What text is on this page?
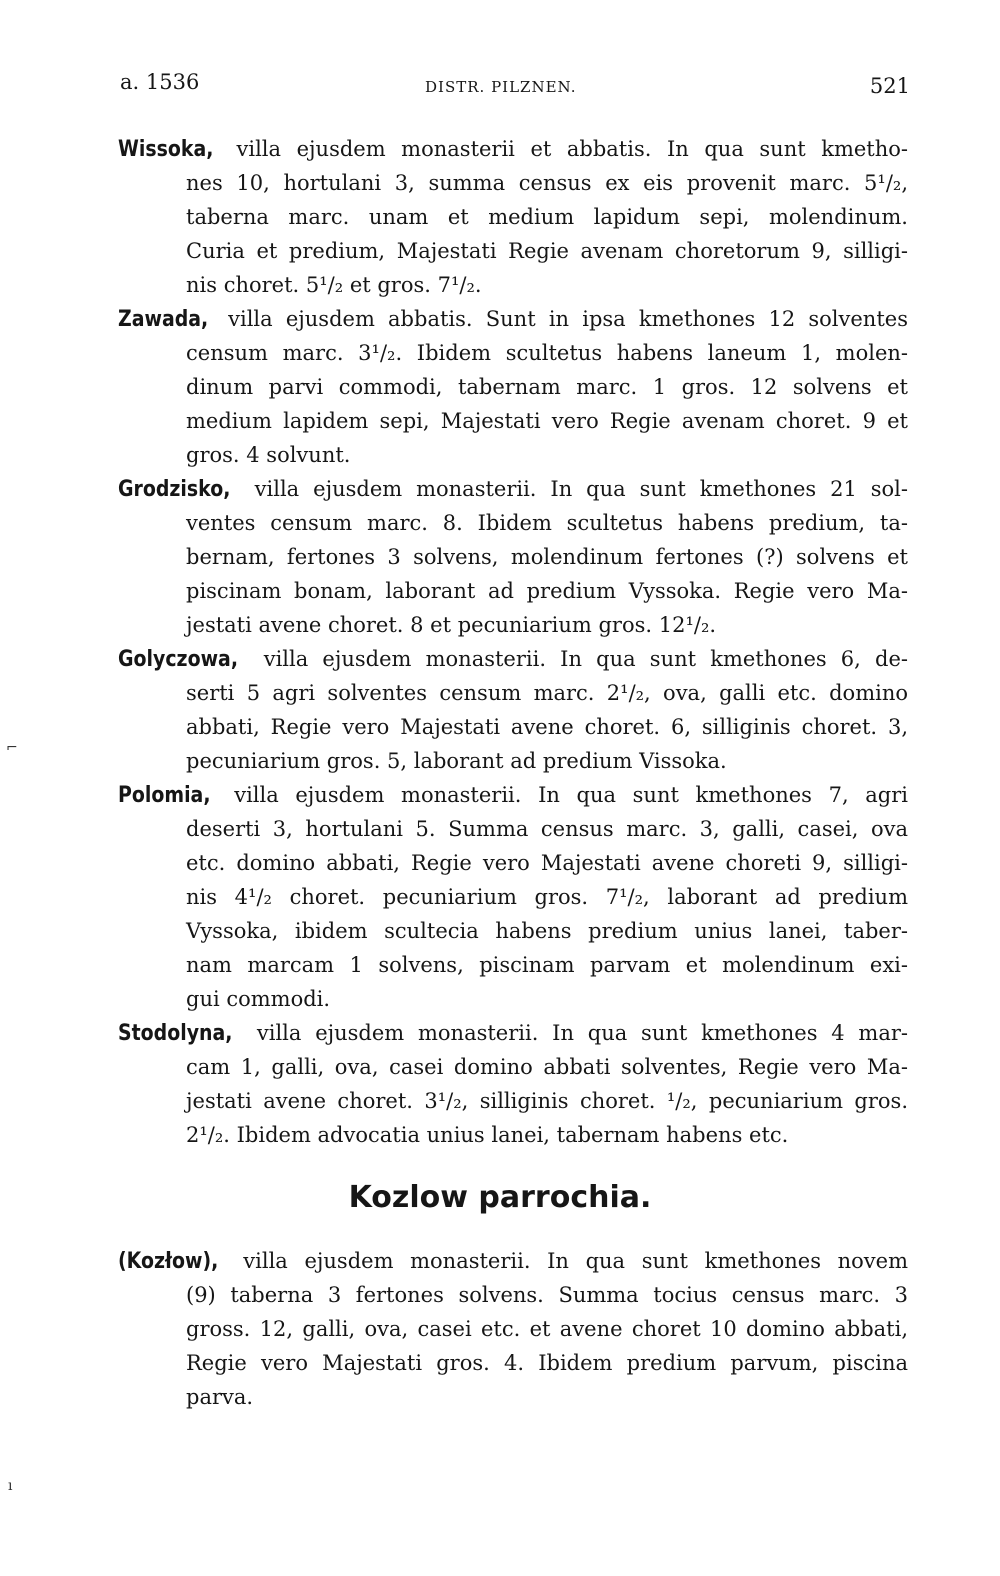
a. 1536	DISTR. PILZNEN.	521
Wissoka, villa ejusdem monasterii et abbatis. In qua sunt kmetho-
nes 10, hortulani 3, summa census ex eis provenit marc. 5¹/₂,
taberna marc. unam et medium lapidum sepi, molendinum.
Curia et predium, Majestati Regie avenam choretorum 9, silligi-
nis choret. 5¹/₂ et gros. 7¹/₂.
Zawada, villa ejusdem abbatis. Sunt in ipsa kmethones 12 solventes
censum marc. 3¹/₂. Ibidem scultetus habens laneum 1, molen-
dinum parvi commodi, tabernam marc. 1 gros. 12 solvens et
medium lapidem sepi, Majestati vero Regie avenam choret. 9 et
gros. 4 solvunt.
Grodzisko, villa ejusdem monasterii. In qua sunt kmethones 21 sol-
ventes censum marc. 8. Ibidem scultetus habens predium, ta-
bernam, fertones 3 solvens, molendinum fertones (?) solvens et
piscinam bonam, laborant ad predium Vyssoka. Regie vero Ma-
jestati avene choret. 8 et pecuniarium gros. 12¹/₂.
Golyczowa, villa ejusdem monasterii. In qua sunt kmethones 6, de-
serti 5 agri solventes censum marc. 2¹/₂, ova, galli etc. domino
abbati, Regie vero Majestati avene choret. 6, silliginis choret. 3,
pecuniarium gros. 5, laborant ad predium Vissoka.
Polomia, villa ejusdem monasterii. In qua sunt kmethones 7, agri
deserti 3, hortulani 5. Summa census marc. 3, galli, casei, ova
etc. domino abbati, Regie vero Majestati avene choreti 9, silligi-
nis 4¹/₂ choret. pecuniarium gros. 7¹/₂, laborant ad predium
Vyssoka, ibidem scultecia habens predium unius lanei, taber-
nam marcam 1 solvens, piscinam parvam et molendinum exi-
gui commodi.
Stodolyna, villa ejusdem monasterii. In qua sunt kmethones 4 mar-
cam 1, galli, ova, casei domino abbati solventes, Regie vero Ma-
jestati avene choret. 3¹/₂, silliginis choret. ¹/₂, pecuniarium gros.
2¹/₂. Ibidem advocatia unius lanei, tabernam habens etc.
Kozlow parrochia.
(Kozłow), villa ejusdem monasterii. In qua sunt kmethones novem
(9) taberna 3 fertones solvens. Summa tocius census marc. 3
gross. 12, galli, ova, casei etc. et avene choret 10 domino abbati,
Regie vero Majestati gros. 4. Ibidem predium parvum, piscina
parva.
⌐
ı
